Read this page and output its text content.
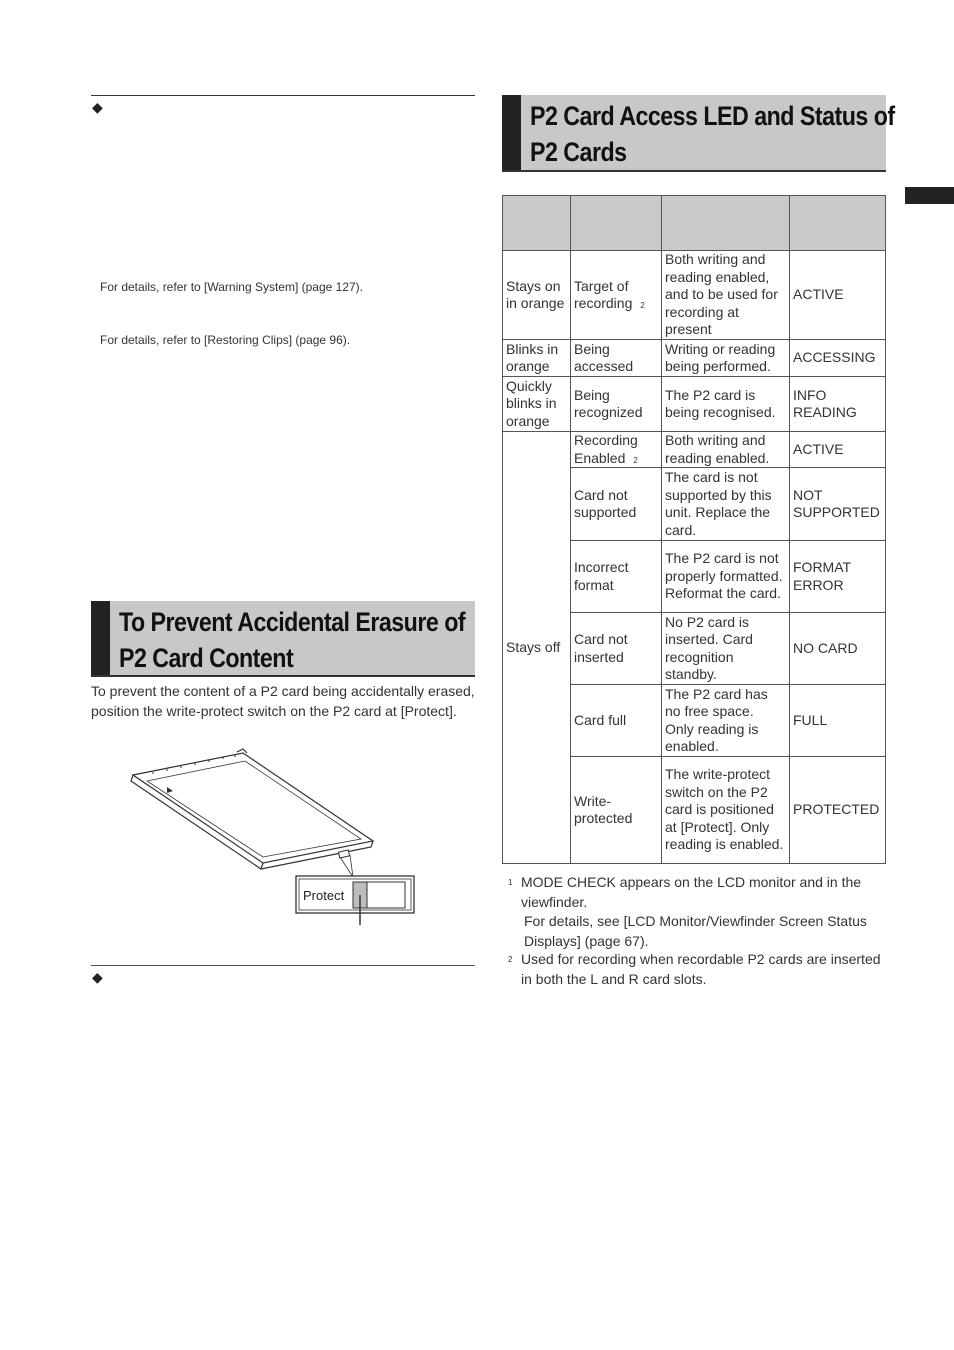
◆
For details, refer to [Warning System] (page 127).
For details, refer to [Restoring Clips] (page 96).
To Prevent Accidental Erasure of P2 Card Content
To prevent the content of a P2 card being accidentally erased, position the write-protect switch on the P2 card at [Protect].
Protect
◆
P2 Card Access LED and Status of P2 Cards

Stays on in orange	Target of recording $^2$	Both writing and reading enabled, and to be used for recording at present	ACTIVE
Blinks in orange	Being accessed	Writing or reading being performed.	ACCESSING
Quickly blinks in orange	Being recognized	The P2 card is being recognised.	INFO READING
Stays off	Recording Enabled $^2$	Both writing and reading enabled.	ACTIVE
	Card not supported	The card is not supported by this unit. Replace the card.	NOT SUPPORTED
	Incorrect format	The P2 card is not properly formatted. Reformat the card.	FORMAT ERROR
	Card not inserted	No P2 card is inserted. Card recognition standby.	NO CARD
	Card full	The P2 card has no free space. Only reading is enabled.	FULL
	Write-protected	The write-protect switch on the P2 card is positioned at [Protect]. Only reading is enabled.	PROTECTED
1 MODE CHECK appears on the LCD monitor and in the viewfinder.
For details, see [LCD Monitor/Viewfinder Screen Status Displays] (page 67).
2 Used for recording when recordable P2 cards are inserted in both the L and R card slots.
